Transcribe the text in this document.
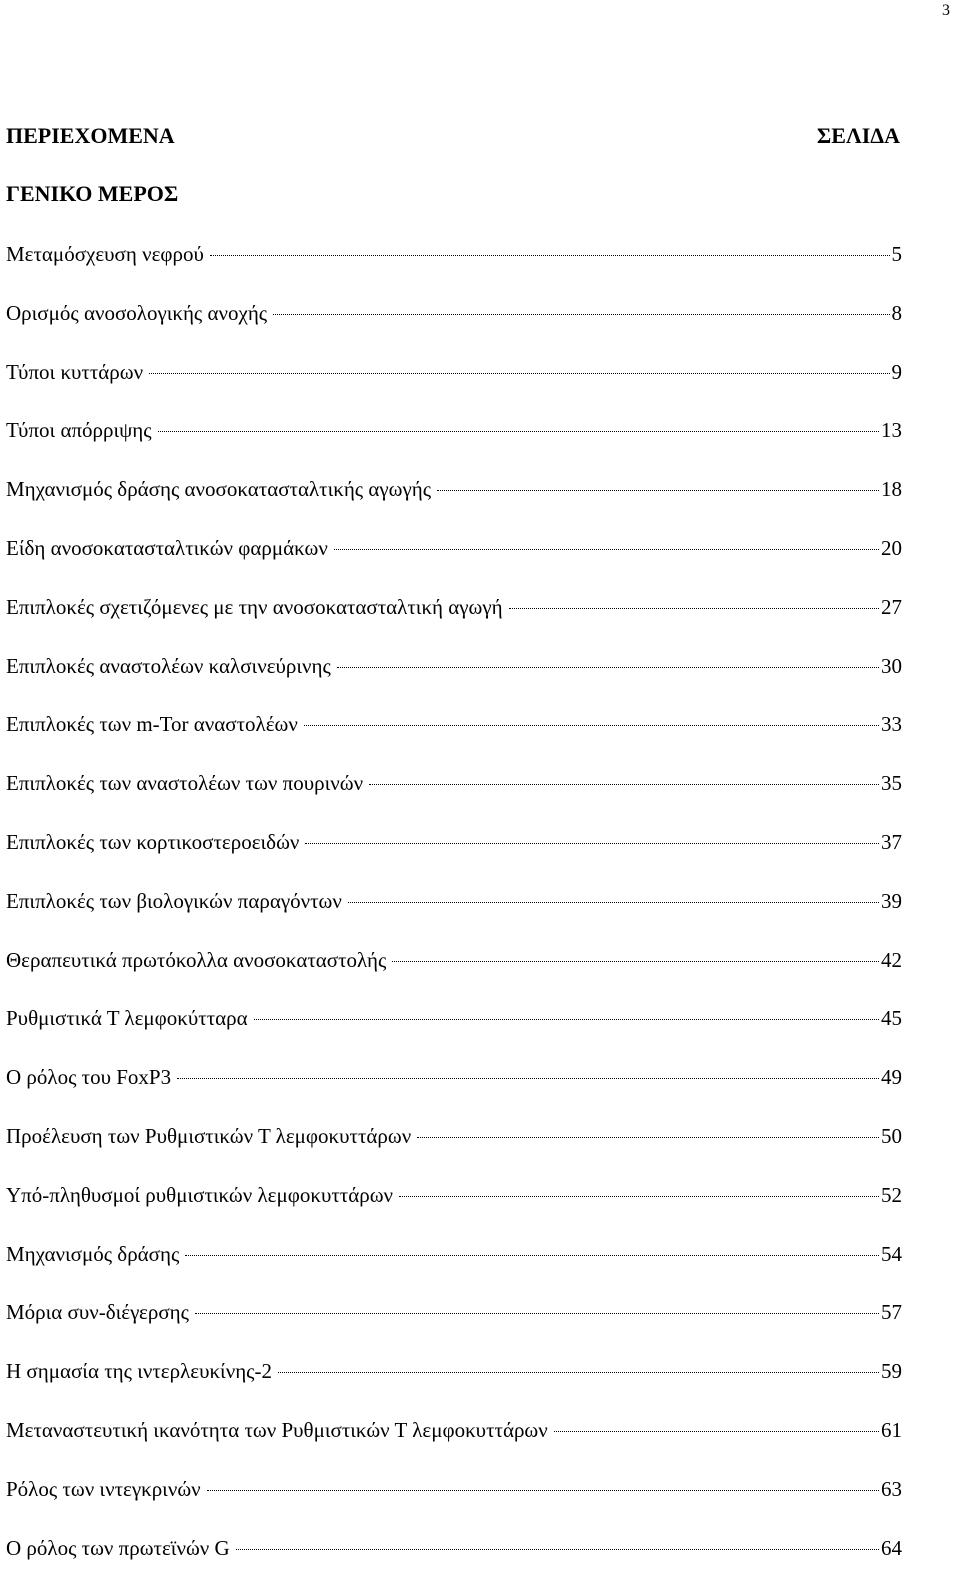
3
ΠΕΡΙΕΧΟΜΕΝΑ	ΣΕΛΙΔΑ
ΓΕΝΙΚΟ ΜΕΡΟΣ
Μεταμόσχευση νεφρού	5
Ορισμός ανοσολογικής ανοχής	8
Τύποι κυττάρων	9
Τύποι απόρριψης	13
Μηχανισμός δράσης ανοσοκατασταλτικής αγωγής	18
Είδη ανοσοκατασταλτικών φαρμάκων	20
Επιπλοκές σχετιζόμενες με την ανοσοκατασταλτική αγωγή	27
Επιπλοκές αναστολέων καλσινεύρινης	30
Επιπλοκές των m-Tor αναστολέων	33
Επιπλοκές των αναστολέων των πουρινών	35
Επιπλοκές των κορτικοστεροειδών	37
Επιπλοκές των βιολογικών παραγόντων	39
Θεραπευτικά πρωτόκολλα ανοσοκαταστολής	42
Ρυθμιστικά Τ λεμφοκύτταρα	45
Ο ρόλος του FoxP3	49
Προέλευση των Ρυθμιστικών Τ λεμφοκυττάρων	50
Υπό-πληθυσμοί ρυθμιστικών λεμφοκυττάρων	52
Μηχανισμός δράσης	54
Μόρια συν-διέγερσης	57
Η σημασία της ιντερλευκίνης-2	59
Μεταναστευτική ικανότητα των Ρυθμιστικών Τ λεμφοκυττάρων	61
Ρόλος των ιντεγκρινών	63
Ο ρόλος των πρωτεϊνών G	64
